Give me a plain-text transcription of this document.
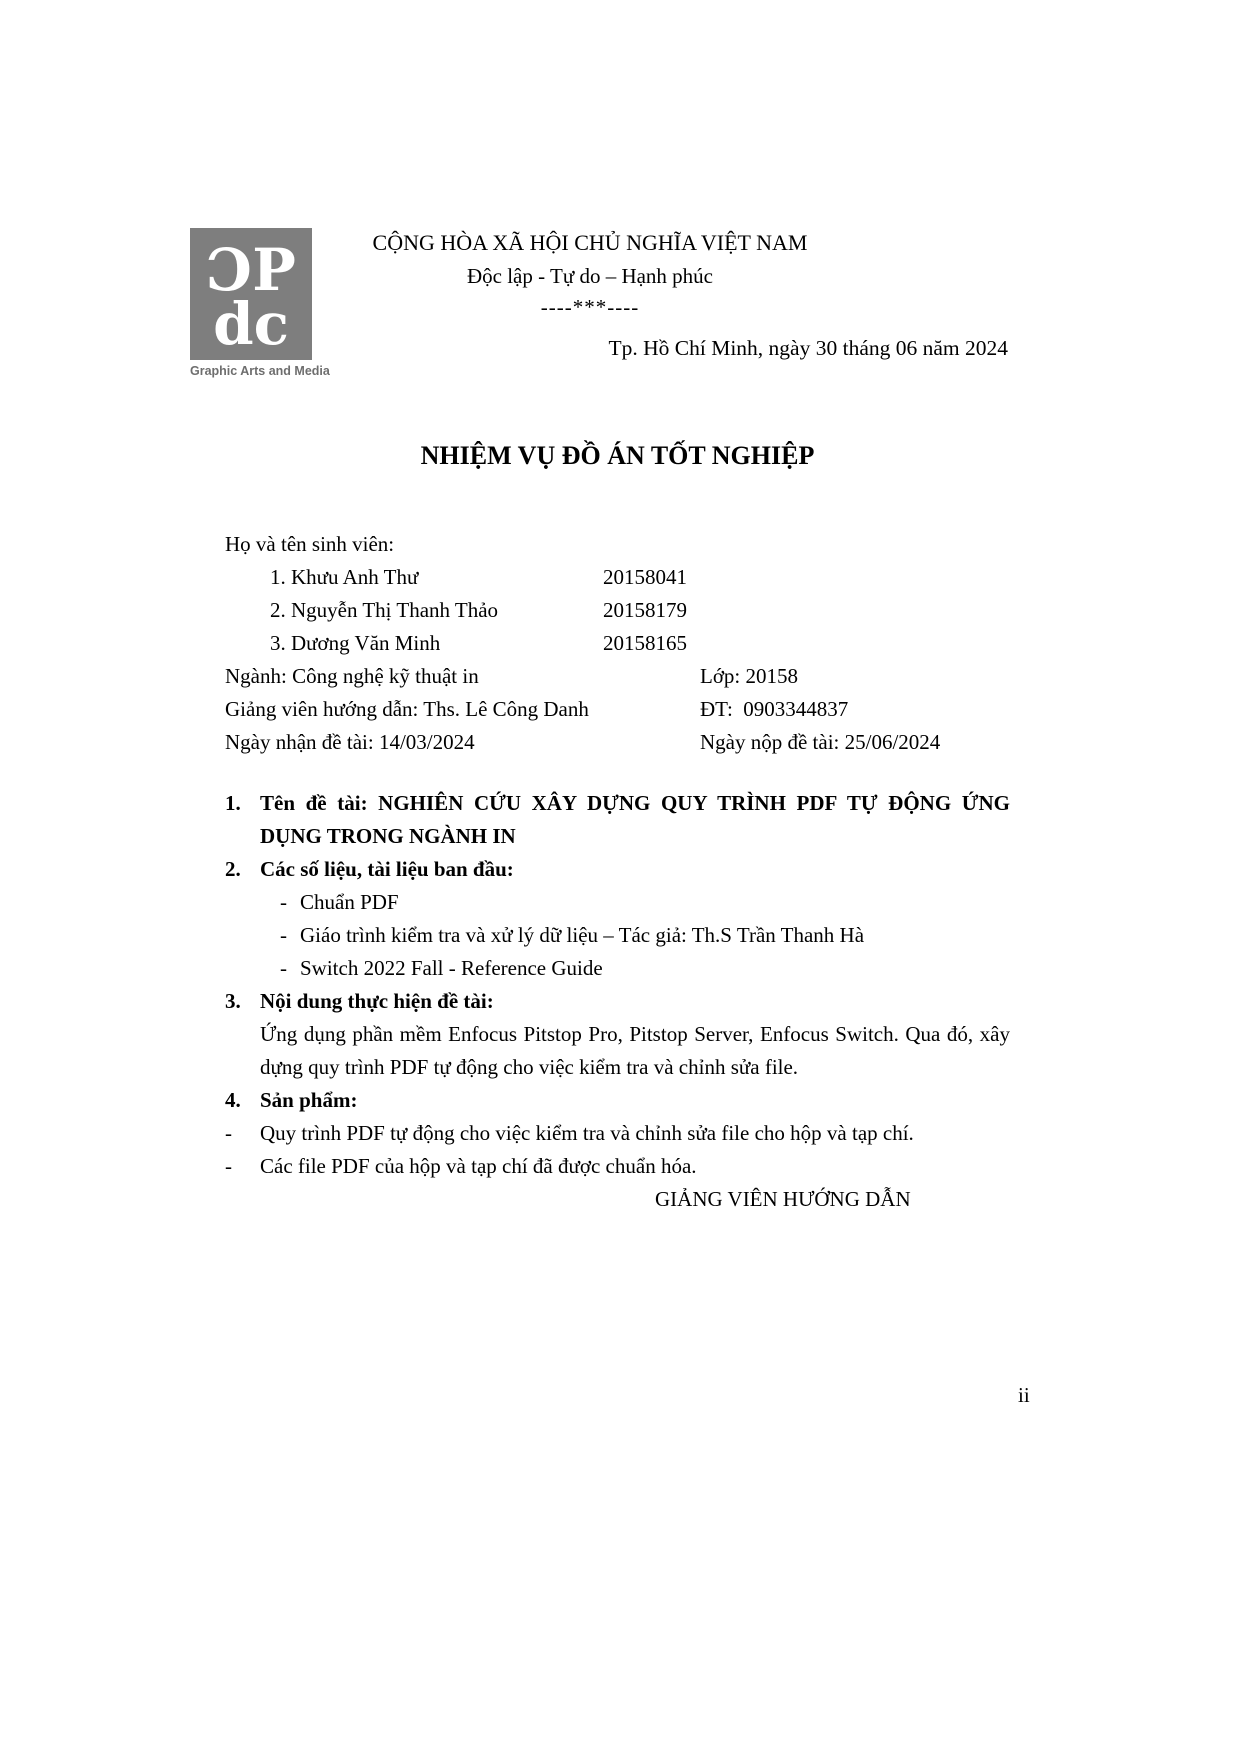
ƆP
dc
Graphic Arts and Media
CỘNG HÒA XÃ HỘI CHỦ NGHĨA VIỆT NAM
Độc lập - Tự do – Hạnh phúc
----***----
Tp. Hồ Chí Minh, ngày 30 tháng 06 năm 2024
NHIỆM VỤ ĐỒ ÁN TỐT NGHIỆP
Họ và tên sinh viên:
1. Khưu Anh Thư	20158041
2. Nguyễn Thị Thanh Thảo	20158179
3. Dương Văn Minh	20158165
Ngành: Công nghệ kỹ thuật in	Lớp: 20158
Giảng viên hướng dẫn: Ths. Lê Công Danh	ĐT:  0903344837
Ngày nhận đề tài: 14/03/2024	Ngày nộp đề tài: 25/06/2024
1. Tên đề tài: NGHIÊN CỨU XÂY DỰNG QUY TRÌNH PDF TỰ ĐỘNG ỨNG DỤNG TRONG NGÀNH IN
2. Các số liệu, tài liệu ban đầu:
- Chuẩn PDF
- Giáo trình kiểm tra và xử lý dữ liệu – Tác giả: Th.S Trần Thanh Hà
- Switch 2022 Fall - Reference Guide
3. Nội dung thực hiện đề tài:
Ứng dụng phần mềm Enfocus Pitstop Pro, Pitstop Server, Enfocus Switch. Qua đó, xây dựng quy trình PDF tự động cho việc kiểm tra và chỉnh sửa file.
4. Sản phẩm:
-	Quy trình PDF tự động cho việc kiểm tra và chỉnh sửa file cho hộp và tạp chí.
-	Các file PDF của hộp và tạp chí đã được chuẩn hóa.
GIẢNG VIÊN HƯỚNG DẪN
ii
